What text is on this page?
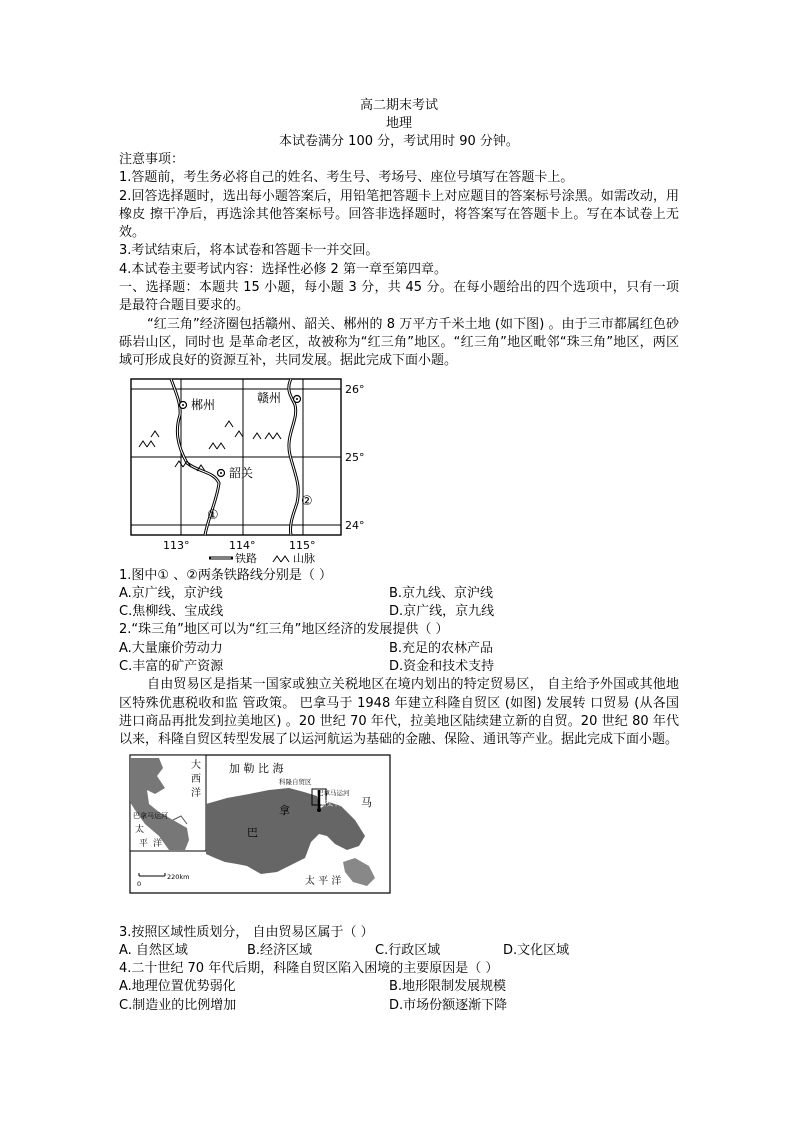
高二期末考试
地理
本试卷满分 100 分，考试用时 90 分钟。

注意事项：

1.答题前，考生务必将自己的姓名、考生号、考场号、座位号填写在答题卡上。

2.回答选择题时，选出每小题答案后，用铅笔把答题卡上对应题目的答案标号涂黑。如需改动，用橡皮 擦干净后，再选涂其他答案标号。回答非选择题时，将答案写在答题卡上。写在本试卷上无效。

3.考试结束后，将本试卷和答题卡一并交回。

4.本试卷主要考试内容：选择性必修 2 第一章至第四章。

一、选择题：本题共 15 小题，每小题 3 分，共 45 分。在每小题给出的四个选项中，只有一项是最符合题目要求的。

“红三角”经济圈包括赣州、韶关、郴州的 8 万平方千米土地 (如下图) 。由于三市都属红色砂砾岩山区，同时也 是革命老区，故被称为“红三角”地区。“红三角”地区毗邻“珠三角”地区，两区域可形成良好的资源互补，共同发展。据此完成下面小题。

郴州	赣州
韶关
①
②
26°
25°
24°
113°	114°	115°
铁路	山脉

1.图中① 、②两条铁路线分别是（ ）

A.京广线，京沪线	B.京九线、京沪线
C.焦柳线、宝成线	D.京广线，京九线

2.“珠三角”地区可以为“红三角”地区经济的发展提供（ ）

A.大量廉价劳动力	B.充足的农林产品
C.丰富的矿产资源	D.资金和技术支持

自由贸易区是指某一国家或独立关税地区在境内划出的特定贸易区， 自主给予外国或其他地区特殊优惠税收和监 管政策。 巴拿马于 1948 年建立科隆自贸区 (如图) 发展转 口贸易 (从各国进口商品再批发到拉美地区) 。20 世纪 70 年代，拉美地区陆续建立新的自贸。20 世纪 80 年代以来，科隆自贸区转型发展了以运河航运为基础的金融、保险、通讯等产业。据此完成下面小题。

大
西
洋
巴拿马运河
太
平 洋
加 勒 比 海
科隆自贸区
巴拿马运河
新太平洋自贸区
巴
拿
马
太 平 洋
0
220km

3.按照区域性质划分， 自由贸易区属于（ ）

A. 自然区域	B.经济区域	C.行政区域	D.文化区域

4.二十世纪 70 年代后期，科隆自贸区陷入困境的主要原因是（ ）

A.地理位置优势弱化	B.地形限制发展规模
C.制造业的比例增加	D.市场份额逐渐下降
